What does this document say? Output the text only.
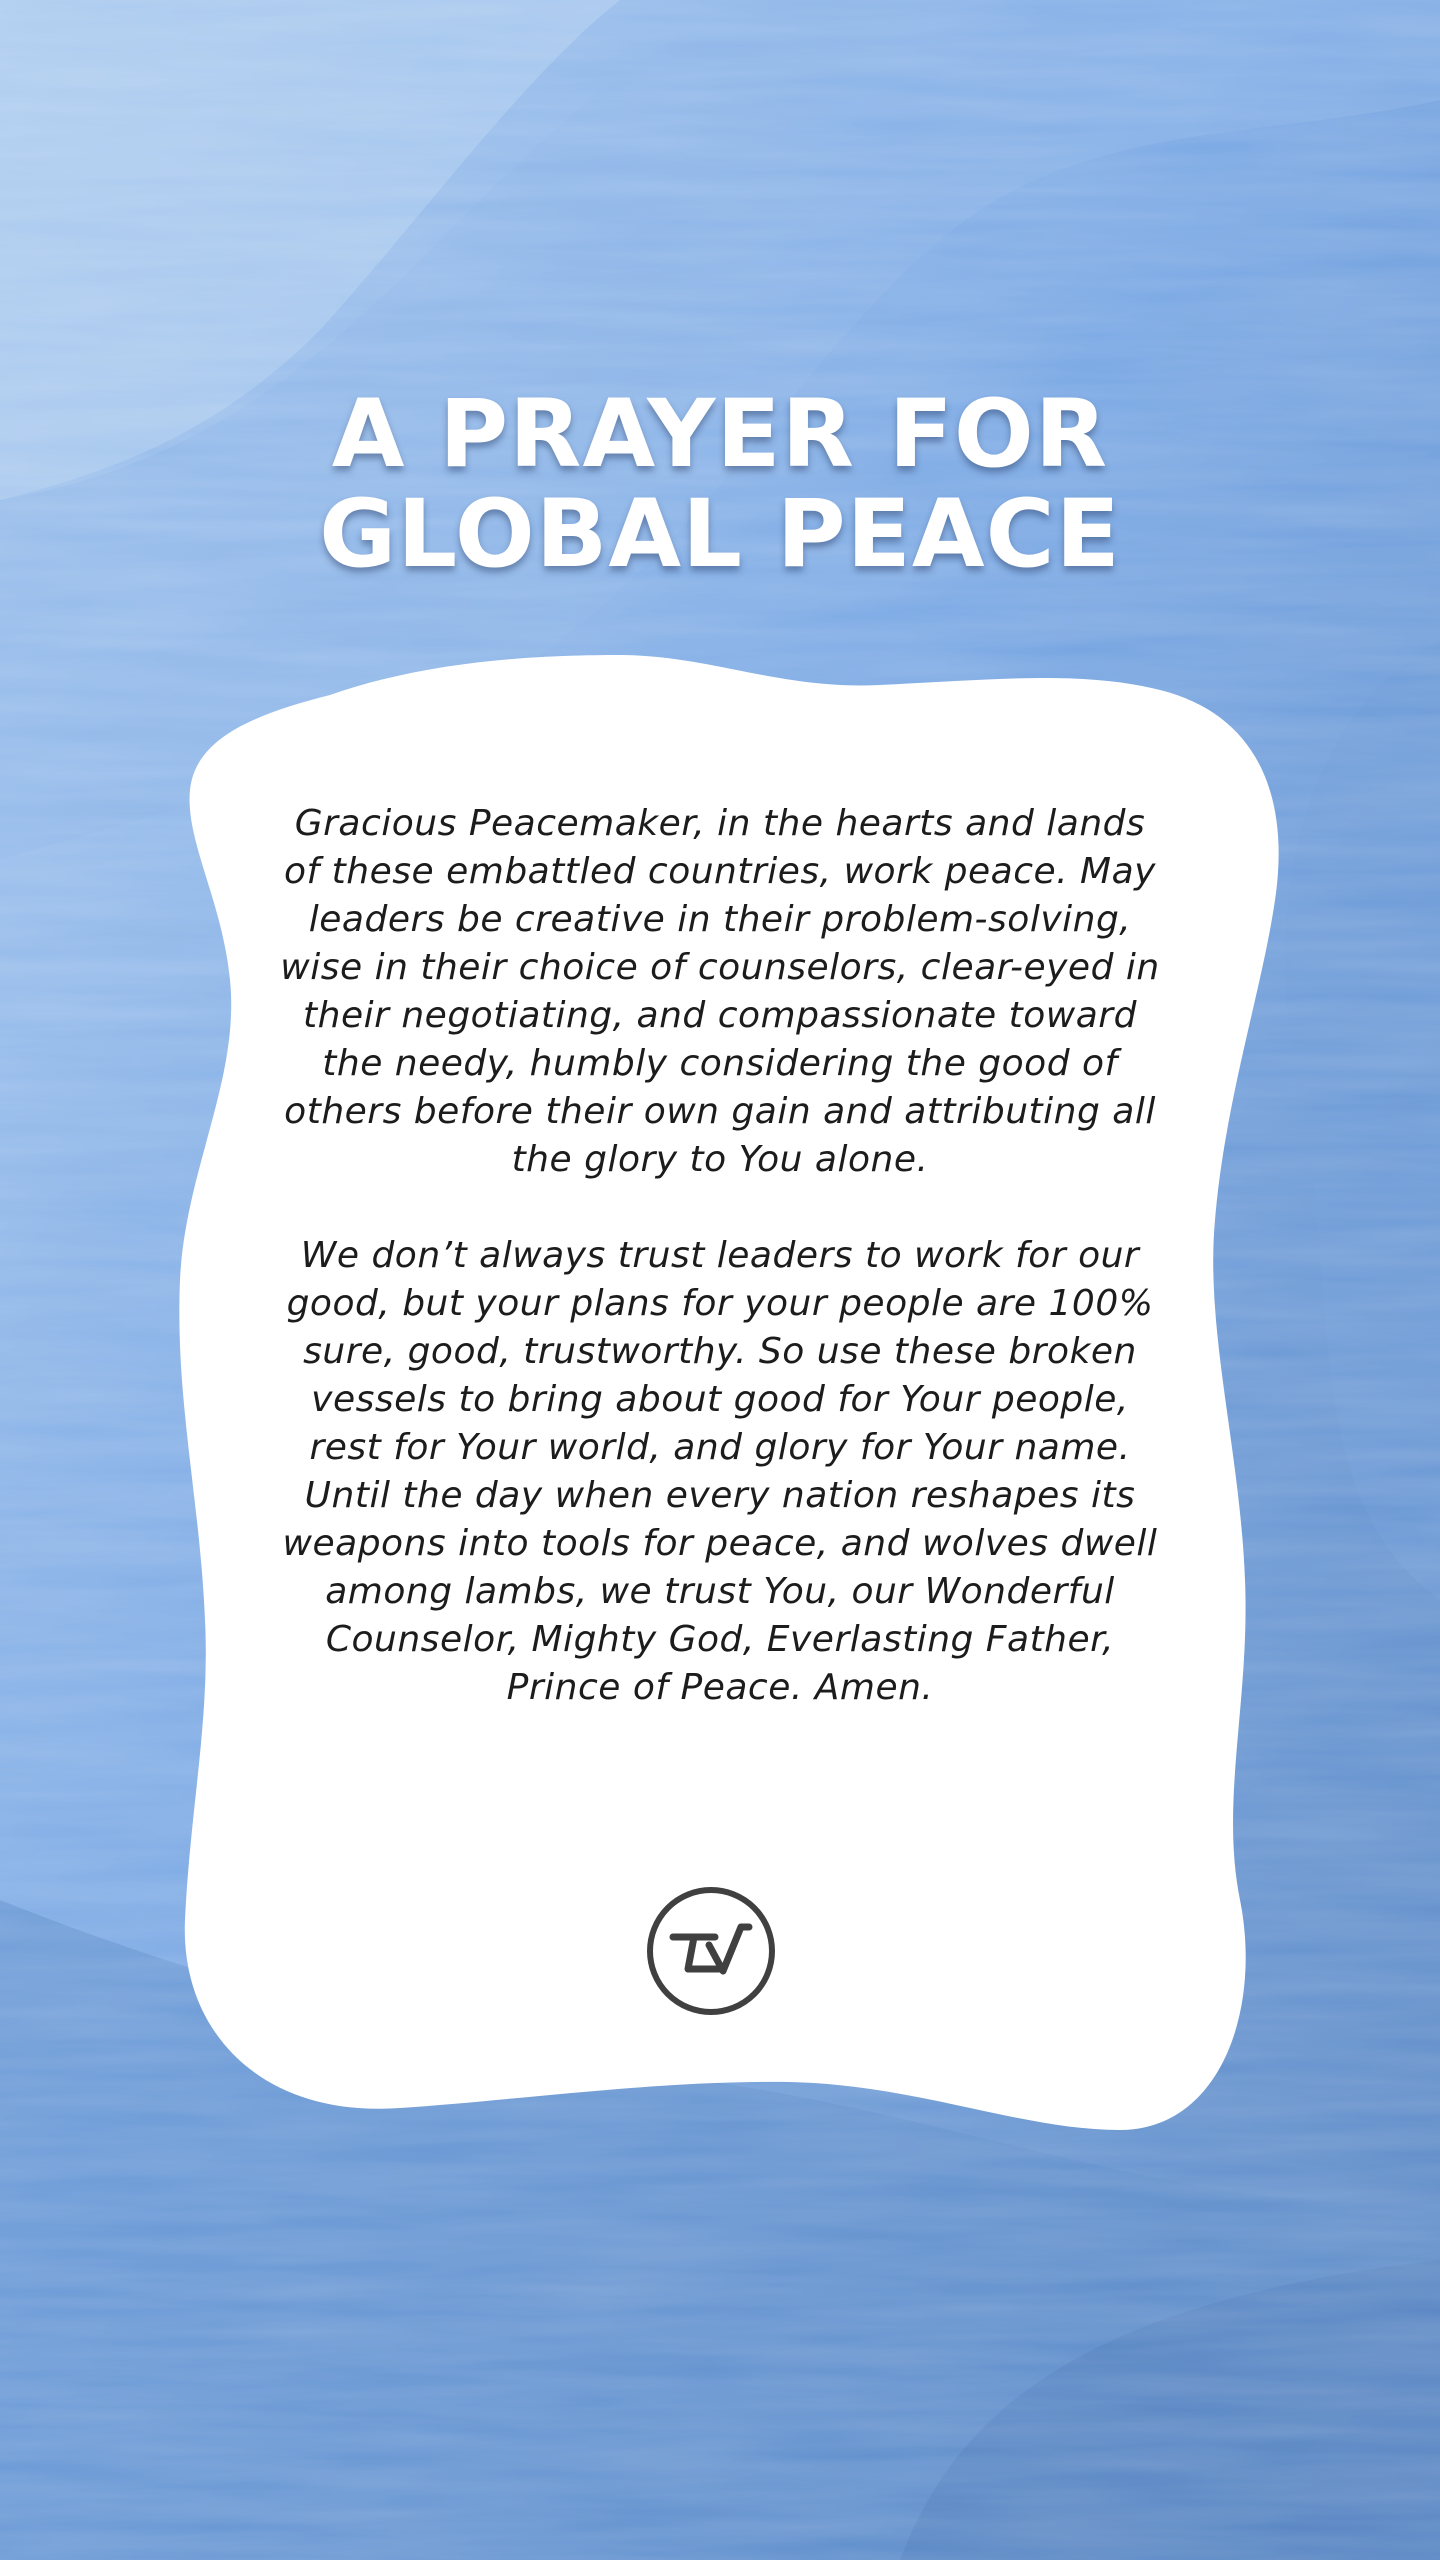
A PRAYER FOR
GLOBAL PEACE

Gracious Peacemaker, in the hearts and lands of these embattled countries, work peace. May leaders be creative in their problem-solving, wise in their choice of counselors, clear-eyed in their negotiating, and compassionate toward the needy, humbly considering the good of others before their own gain and attributing all the glory to You alone.

We don’t always trust leaders to work for our good, but your plans for your people are 100% sure, good, trustworthy. So use these broken vessels to bring about good for Your people, rest for Your world, and glory for Your name. Until the day when every nation reshapes its weapons into tools for peace, and wolves dwell among lambs, we trust You, our Wonderful Counselor, Mighty God, Everlasting Father, Prince of Peace. Amen.
